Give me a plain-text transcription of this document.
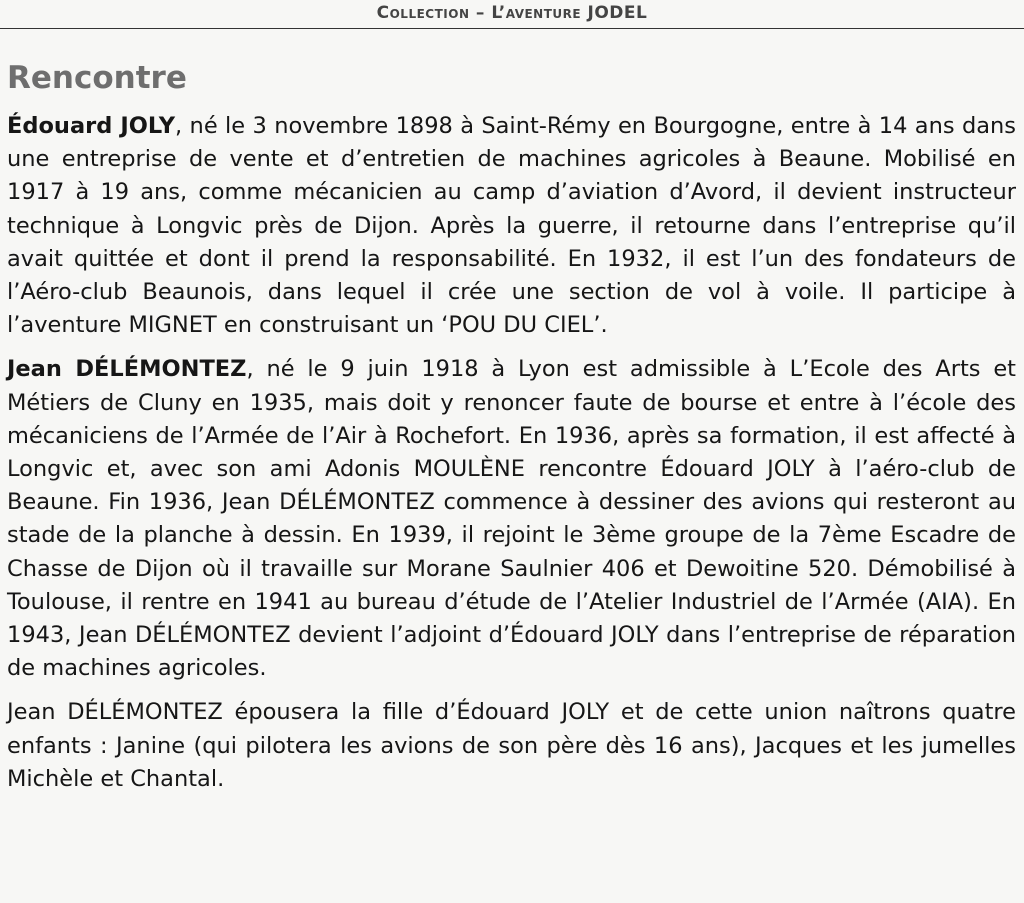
Collection – L’aventure JODEL
Rencontre

Édouard JOLY, né le 3 novembre 1898 à Saint-Rémy en Bourgogne, entre à 14 ans dans une entreprise de vente et d’entretien de machines agricoles à Beaune. Mobilisé en 1917 à 19 ans, comme mécanicien au camp d’aviation d’Avord, il devient instructeur technique à Longvic près de Dijon. Après la guerre, il retourne dans l’entreprise qu’il avait quittée et dont il prend la responsabilité. En 1932, il est l’un des fondateurs de l’Aéro-club Beaunois, dans lequel il crée une section de vol à voile. Il participe à l’aventure MIGNET en construisant un ‘POU DU CIEL’.

Jean DÉLÉMONTEZ, né le 9 juin 1918 à Lyon est admissible à L’Ecole des Arts et Métiers de Cluny en 1935, mais doit y renoncer faute de bourse et entre à l’école des mécaniciens de l’Armée de l’Air à Rochefort. En 1936, après sa formation, il est affecté à Longvic et, avec son ami Adonis MOULÈNE rencontre Édouard JOLY à l’aéro-club de Beaune. Fin 1936, Jean DÉLÉMONTEZ commence à dessiner des avions qui resteront au stade de la planche à dessin. En 1939, il rejoint le 3ème groupe de la 7ème Escadre de Chasse de Dijon où il travaille sur Morane Saulnier 406 et Dewoitine 520. Démobilisé à Toulouse, il rentre en 1941 au bureau d’étude de l’Atelier Industriel de l’Armée (AIA). En 1943, Jean DÉLÉMONTEZ devient l’adjoint d’Édouard JOLY dans l’entreprise de réparation de machines agricoles.

Jean DÉLÉMONTEZ épousera la fille d’Édouard JOLY et de cette union naîtrons quatre enfants : Janine (qui pilotera les avions de son père dès 16 ans), Jacques et les jumelles Michèle et Chantal.
